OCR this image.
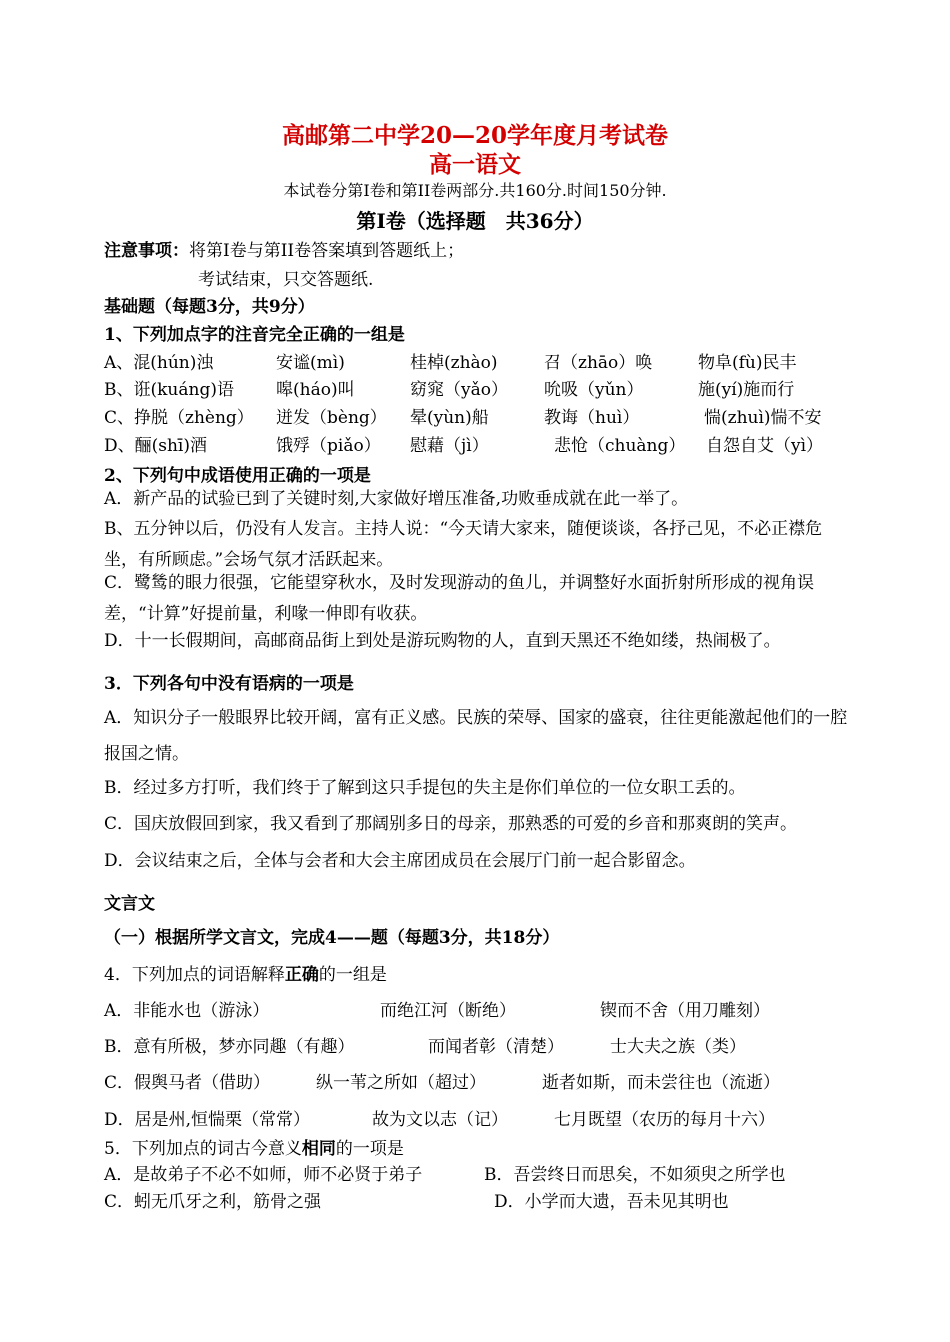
高邮第二中学20—20学年度月考试卷
高一语文
本试卷分第I卷和第II卷两部分.共160分.时间150分钟.
第I卷（选择题　共36分）
注意事项：将第I卷与第II卷答案填到答题纸上；
考试结束，只交答题纸.
基础题（每题3分，共9分）
1、下列加点字的注音完全正确的一组是
A、混(hún)浊	安谧(mì)	桂棹(zhào)	召（zhāo）唤	物阜(fù)民丰
B、诳(kuáng)语 嗥(háo)叫	窈窕（yǎo） 吮吸（yǔn）	施(yí)施而行
C、挣脱（zhèng） 迸发（bèng） 晕(yùn)船	教诲（huì）	惴(zhuì)惴不安
D、酾(shī)酒	饿殍（piǎo） 慰藉（jì）	悲怆（chuàng） 自怨自艾（yì）
2、下列句中成语使用正确的一项是
A．新产品的试验已到了关键时刻,大家做好增压准备,功败垂成就在此一举了。
B、五分钟以后，仍没有人发言。主持人说：“今天请大家来，随便谈谈，各抒己见，不必正襟危坐，有所顾虑。”会场气氛才活跃起来。
C．鹭鸶的眼力很强，它能望穿秋水，及时发现游动的鱼儿，并调整好水面折射所形成的视角误差，“计算”好提前量，利喙一伸即有收获。
D．十一长假期间，高邮商品街上到处是游玩购物的人，直到天黑还不绝如缕，热闹极了。
3．下列各句中没有语病的一项是
A．知识分子一般眼界比较开阔，富有正义感。民族的荣辱、国家的盛衰，往往更能激起他们的一腔报国之情。
B．经过多方打听，我们终于了解到这只手提包的失主是你们单位的一位女职工丢的。
C．国庆放假回到家，我又看到了那阔别多日的母亲，那熟悉的可爱的乡音和那爽朗的笑声。
D．会议结束之后，全体与会者和大会主席团成员在会展厅门前一起合影留念。
文言文
（一）根据所学文言文，完成4——题（每题3分，共18分）
4．下列加点的词语解释正确的一组是
A．非能水也（游泳）	而绝江河（断绝）	锲而不舍（用刀雕刻）
B．意有所极，梦亦同趣（有趣）	而闻者彰（清楚）	士大夫之族（类）
C．假舆马者（借助）	纵一苇之所如（超过）	逝者如斯，而未尝往也（流逝）
D．居是州,恒惴栗（常常）	故为文以志（记）	七月既望（农历的每月十六）
5．下列加点的词古今意义相同的一项是
A．是故弟子不必不如师，师不必贤于弟子	B．吾尝终日而思矣，不如须臾之所学也
C．蚓无爪牙之利，筋骨之强	D．小学而大遗，吾未见其明也
